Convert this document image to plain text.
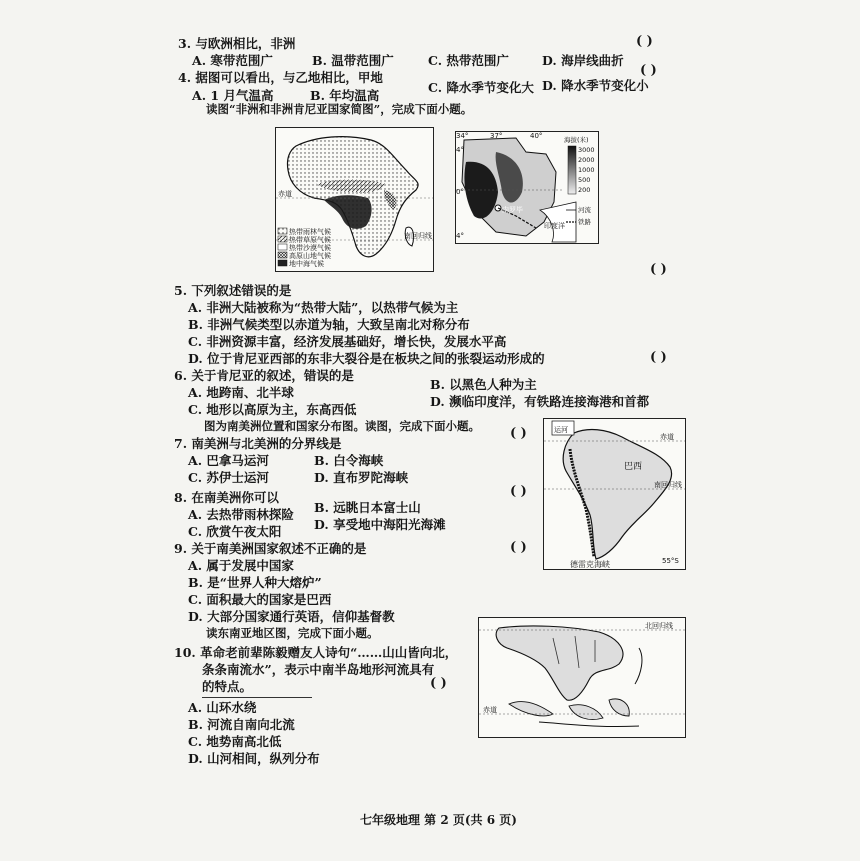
3. 与欧洲相比，非洲	( )
A. 寒带范围广	B. 温带范围广	C. 热带范围广	D. 海岸线曲折
4. 据图可以看出，与乙地相比，甲地	( )
A. 1 月气温高	B. 年均温高
C. 降水季节变化大 D. 降水季节变化小
读图“非洲和非洲肯尼亚国家简图”，完成下面小题。
赤道
南回归线
热带雨林气候
热带草原气候
热带沙漠气候
高原山地气候
地中海气候
内罗毕
印度洋
34°	37°	40°
4°
0°
4°
海拔(米)
3000
2000
1000
500
200
河流
铁路
( )
5. 下列叙述错误的是
A. 非洲大陆被称为“热带大陆”，以热带气候为主
B. 非洲气候类型以赤道为轴，大致呈南北对称分布
C. 非洲资源丰富，经济发展基础好，增长快，发展水平高
D. 位于肯尼亚西部的东非大裂谷是在板块之间的张裂运动形成的	( )
6. 关于肯尼亚的叙述，错误的是
A. 地跨南、北半球
B. 以黑色人种为主
C. 地形以高原为主，东高西低
D. 濒临印度洋，有铁路连接海港和首都
图为南美洲位置和国家分布图。读图，完成下面小题。	运河
巴西
赤道
南回归线
55°S
德雷克海峡
( )
7. 南美洲与北美洲的分界线是
A. 巴拿马运河	B. 白令海峡
C. 苏伊士运河	D. 直布罗陀海峡
( )
8. 在南美洲你可以
A. 去热带雨林探险 B. 远眺日本富士山
C. 欣赏午夜太阳	D. 享受地中海阳光海滩
( )
9. 关于南美洲国家叙述不正确的是
A. 属于发展中国家
B. 是“世界人种大熔炉”
C. 面积最大的国家是巴西
D. 大部分国家通行英语，信仰基督教
读东南亚地区图，完成下面小题。
10. 革命老前辈陈毅赠友人诗句“……山山皆向北，
条条南流水”，表示中南半岛地形河流具有
的特点。	( )
A. 山环水绕
B. 河流自南向北流
C. 地势南高北低
D. 山河相间，纵列分布
北回归线
赤道
七年级地理 第 2 页(共 6 页)
